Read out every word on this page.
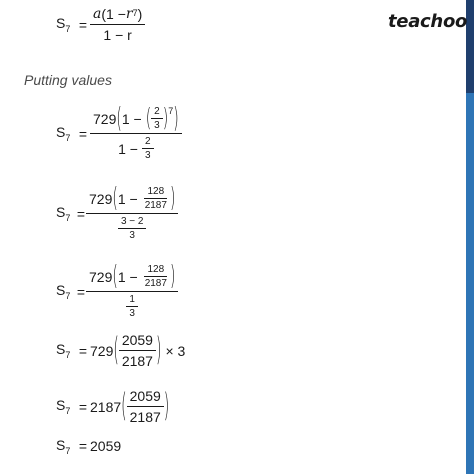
teachoo
$S_7 = \frac{a (1 - r 7 )}{1 - r}$
Putting values
$S_7$ =
729 ( 1 − ( $\frac{2}{3}$ ) 7 )
$1 - \frac{2}{3}$
$S_7$ =
729 ( $1 - \frac{128}{2187}$ )
$\frac{3 - 2}{3}$
$S_7$ =
729 ( $1 - \frac{128}{2187}$ )
$\frac{1}{3}$
$S_7 = 729$ ( $\frac{2059}{2187}$ ) × 3
$S_7 = 2187$ ( $\frac{2059}{2187}$ )
$S_7 = 2059$
